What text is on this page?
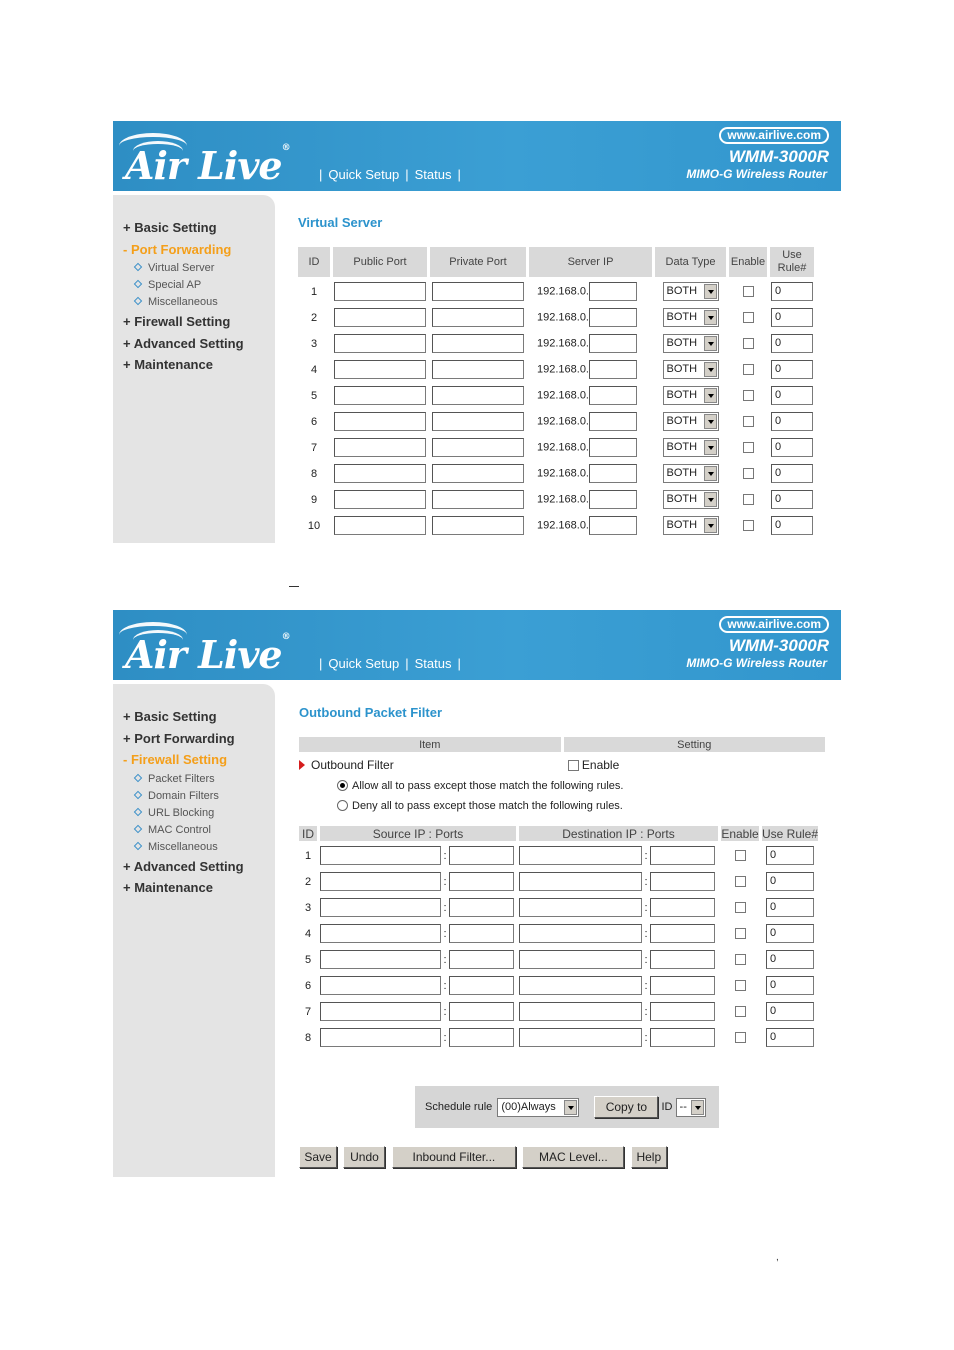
Air Live®
| Quick Setup | Status |
www.airlive.com
WMM-3000R
MIMO-G Wireless Router
+ Basic Setting
- Port Forwarding
Virtual Server
Special AP
Miscellaneous
+ Firewall Setting
+ Advanced Setting
+ Maintenance
Virtual Server
ID	Public Port	Private Port	Server IP	Data Type	Enable	Use Rule#
1			192.168.0.	BOTH		0
2			192.168.0.	BOTH		0
3			192.168.0.	BOTH		0
4			192.168.0.	BOTH		0
5			192.168.0.	BOTH		0
6			192.168.0.	BOTH		0
7			192.168.0.	BOTH		0
8			192.168.0.	BOTH		0
9			192.168.0.	BOTH		0
10			192.168.0.	BOTH		0
Air Live®
| Quick Setup | Status |
www.airlive.com
WMM-3000R
MIMO-G Wireless Router
+ Basic Setting
+ Port Forwarding
- Firewall Setting
Packet Filters
Domain Filters
URL Blocking
MAC Control
Miscellaneous
+ Advanced Setting
+ Maintenance
Outbound Packet Filter
Item	Setting
Outbound Filter	Enable
Allow all to pass except those match the following rules.	
Deny all to pass except those match the following rules.	
ID	Source IP : Ports	Destination IP : Ports	Enable	Use Rule#
1	:	:		0
2	:	:		0
3	:	:		0
4	:	:		0
5	:	:		0
6	:	:		0
7	:	:		0
8	:	:		0
Schedule rule (00)Always	Copy to ID --
Save Undo	Inbound Filter...	MAC Level... Help
,
